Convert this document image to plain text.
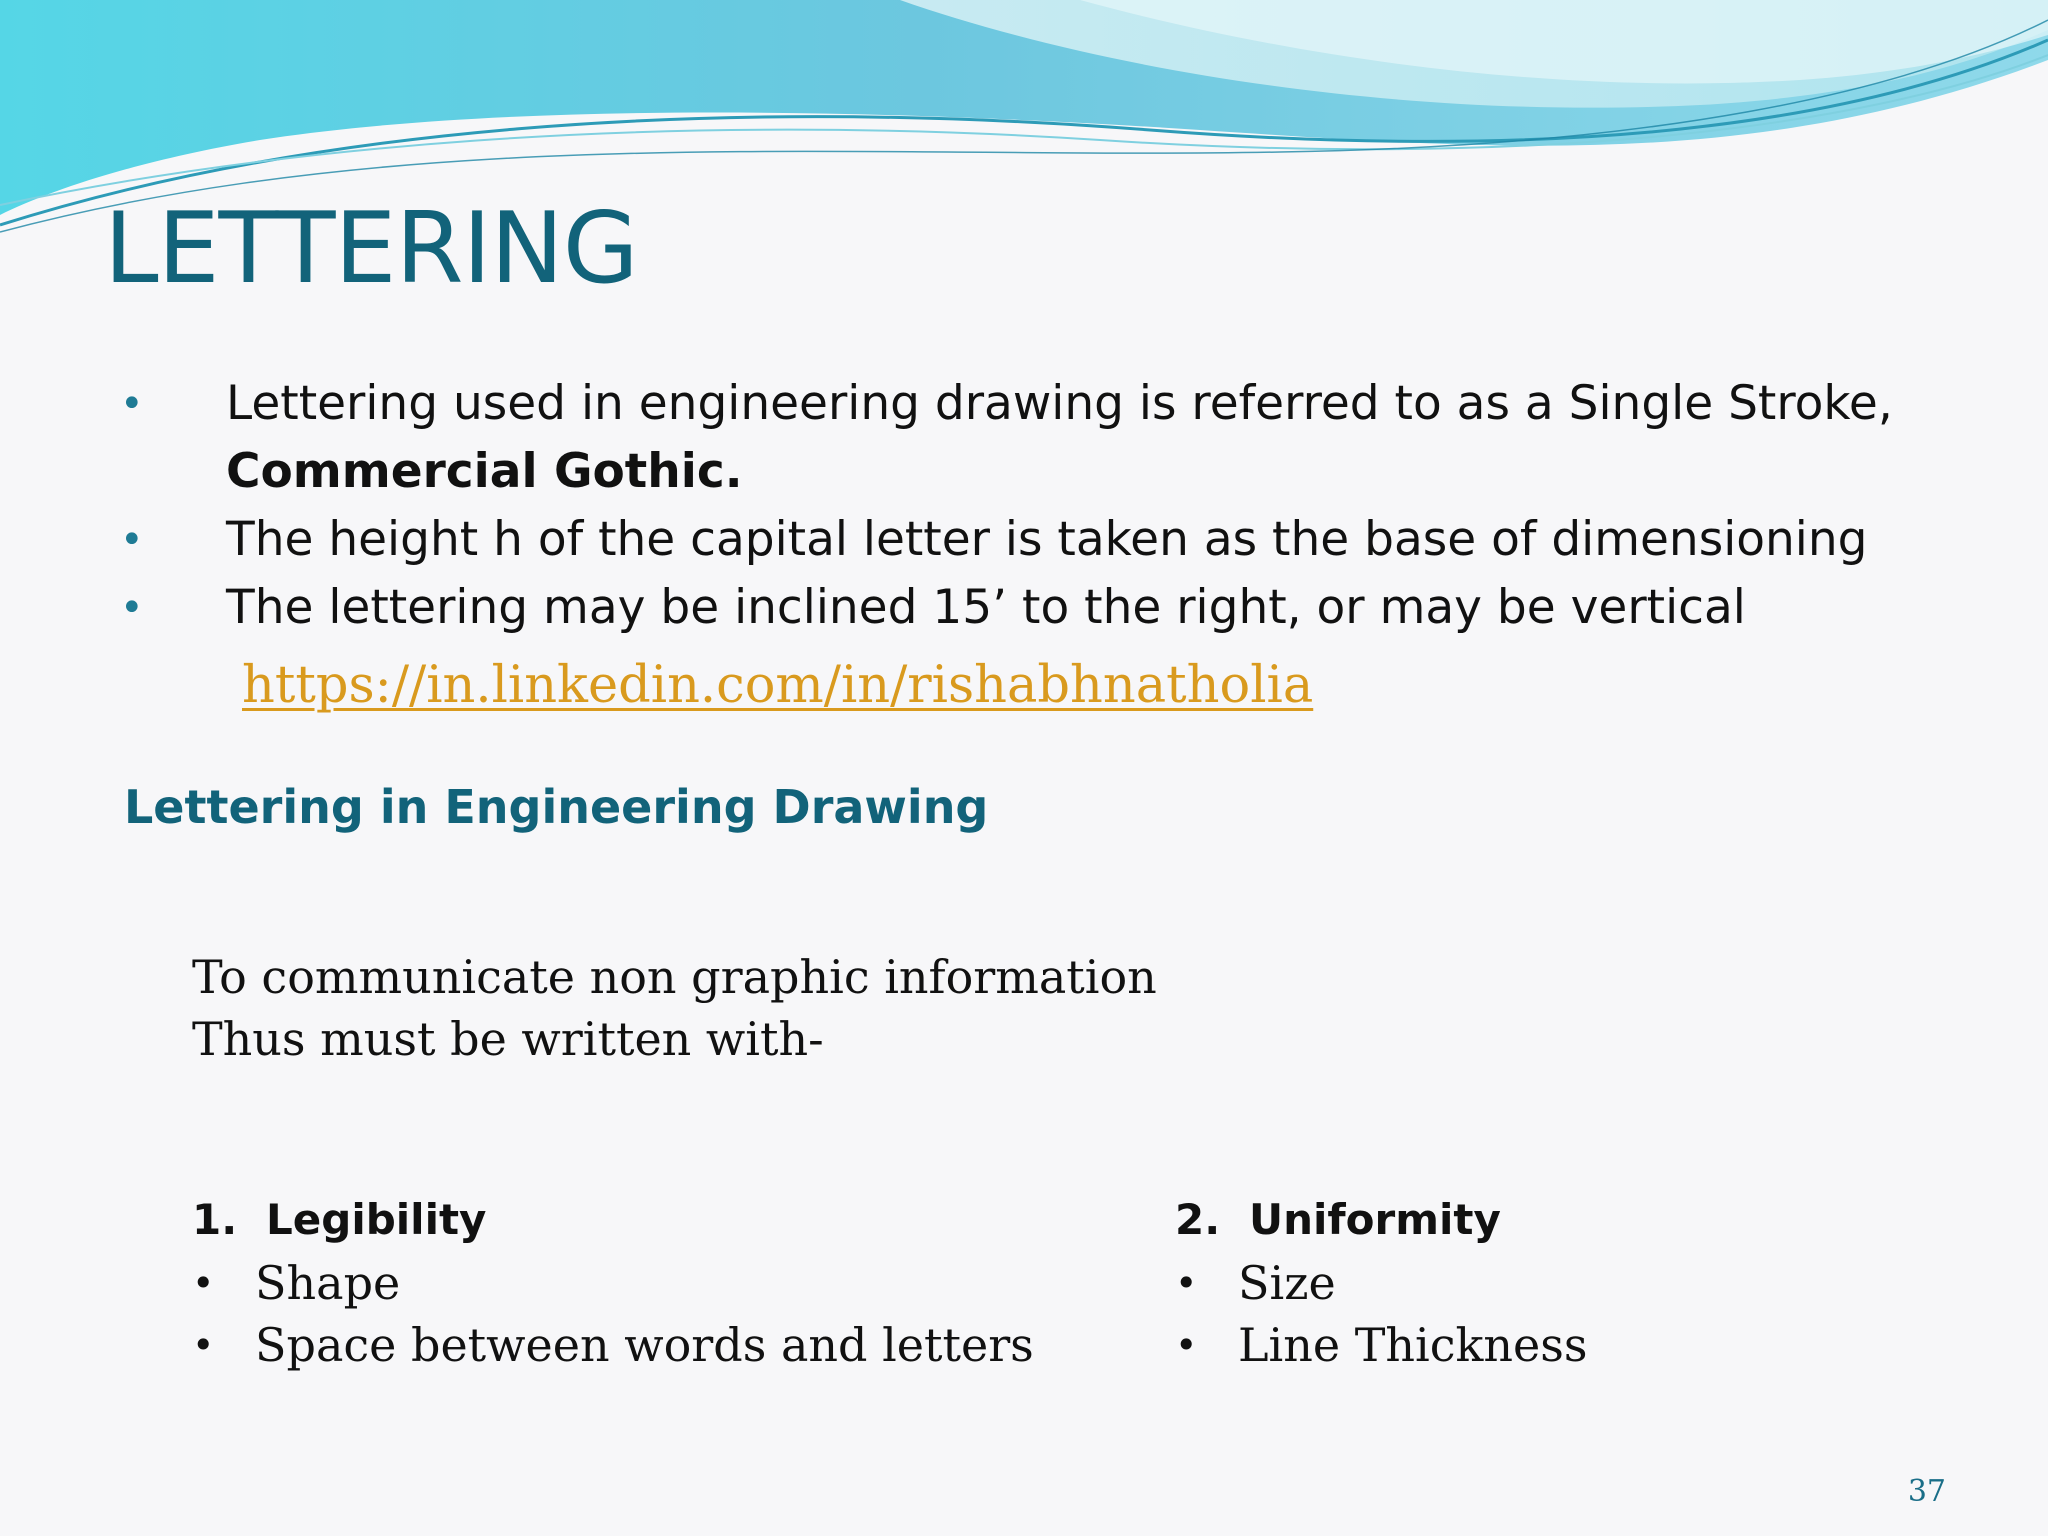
LETTERING
• Lettering used in engineering drawing is referred to as a Single Stroke,
Commercial Gothic.
• The height h of the capital letter is taken as the base of dimensioning
• The lettering may be inclined 15’ to the right, or may be vertical
https://in.linkedin.com/in/rishabhnatholia
Lettering in Engineering Drawing
To communicate non graphic information
Thus must be written with-
1. Legibility
• Shape
• Space between words and letters
2. Uniformity
• Size
• Line Thickness
37
